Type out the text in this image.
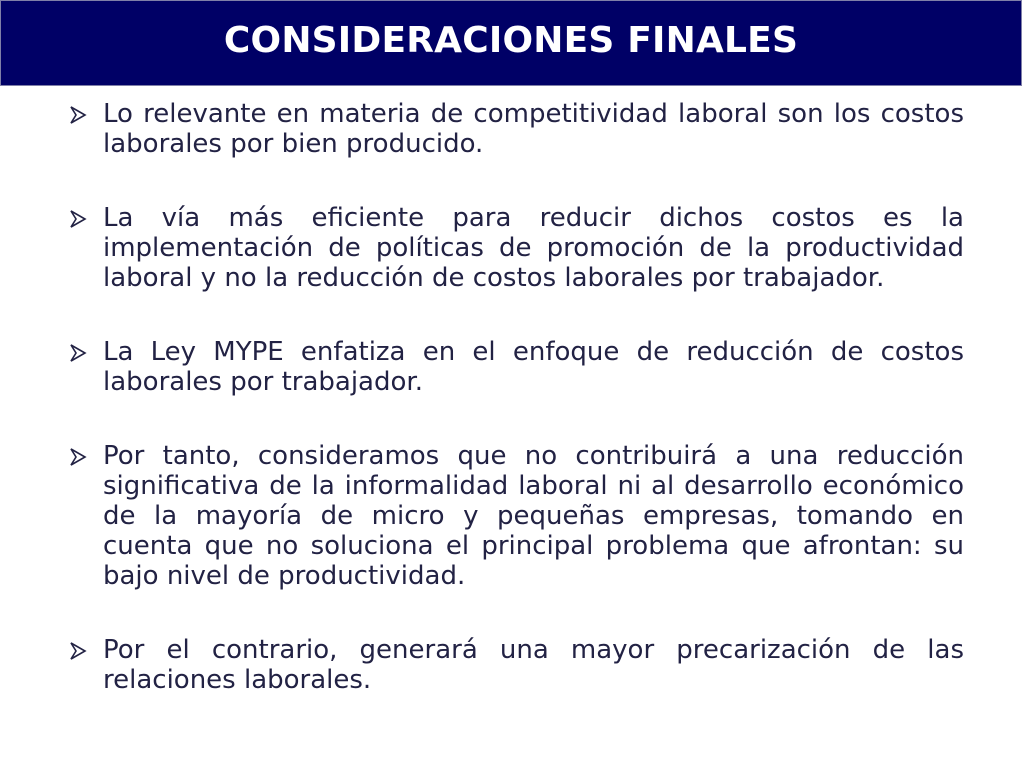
CONSIDERACIONES FINALES
Lo relevante en materia de competitividad laboral son los costos laborales por bien producido.
La vía más eficiente para reducir dichos costos es la implementación de políticas de promoción de la productividad laboral y no la reducción de costos laborales por trabajador.
La Ley MYPE enfatiza en el enfoque de reducción de costos laborales por trabajador.
Por tanto, consideramos que no contribuirá a una reducción significativa de la informalidad laboral ni al desarrollo económico de la mayoría de micro y pequeñas empresas, tomando en cuenta que no soluciona el principal problema que afrontan: su bajo nivel de productividad.
Por el contrario, generará una mayor precarización de las relaciones laborales.
